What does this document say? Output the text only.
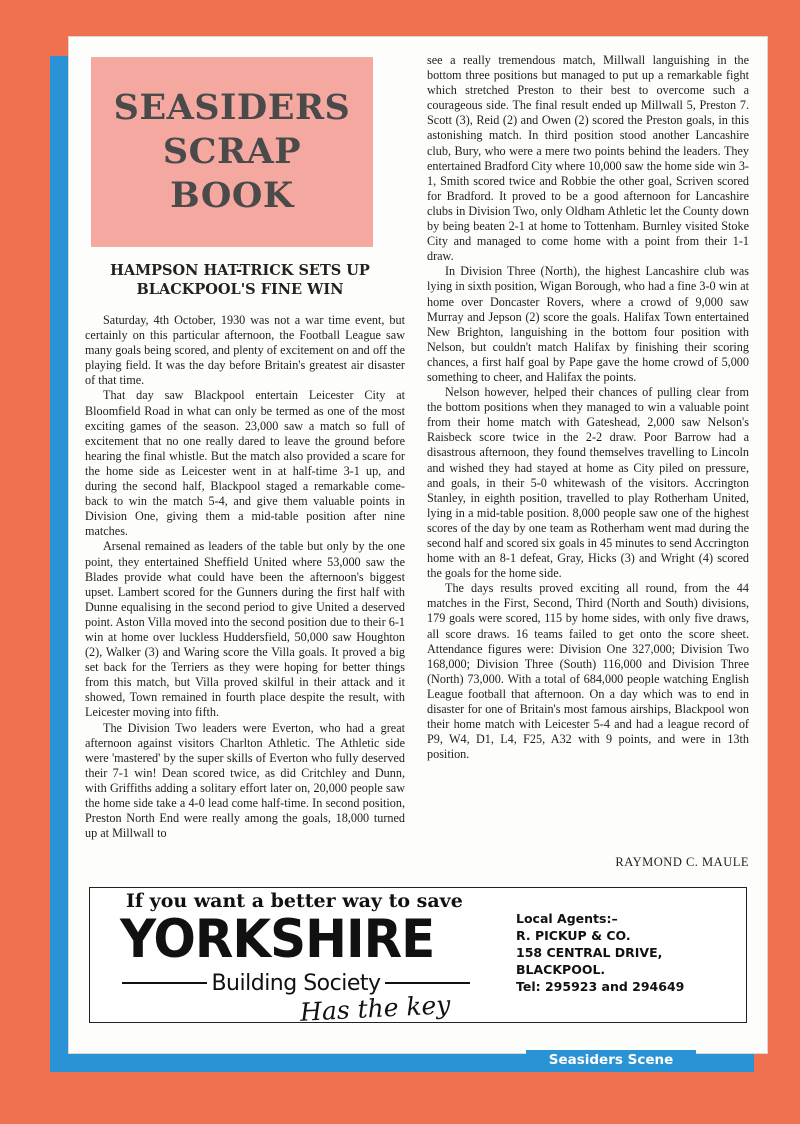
SEASIDERS
SCRAP
BOOK
HAMPSON HAT-TRICK SETS UP
BLACKPOOL'S FINE WIN

Saturday, 4th October, 1930 was not a war time event, but certainly on this particular afternoon, the Football League saw many goals being scored, and plenty of excitement on and off the playing field. It was the day before Britain's greatest air disaster of that time.

That day saw Blackpool entertain Leicester City at Bloomfield Road in what can only be termed as one of the most exciting games of the season. 23,000 saw a match so full of excitement that no one really dared to leave the ground before hearing the final whistle. But the match also provided a scare for the home side as Leicester went in at half-time 3-1 up, and during the second half, Blackpool staged a remarkable come-back to win the match 5-4, and give them valuable points in Division One, giving them a mid-table position after nine matches.

Arsenal remained as leaders of the table but only by the one point, they entertained Sheffield United where 53,000 saw the Blades provide what could have been the afternoon's biggest upset. Lambert scored for the Gunners during the first half with Dunne equalising in the second period to give United a deserved point. Aston Villa moved into the second position due to their 6-1 win at home over luckless Huddersfield, 50,000 saw Houghton (2), Walker (3) and Waring score the Villa goals. It proved a big set back for the Terriers as they were hoping for better things from this match, but Villa proved skilful in their attack and it showed, Town remained in fourth place despite the result, with Leicester moving into fifth.

The Division Two leaders were Everton, who had a great afternoon against visitors Charlton Athletic. The Athletic side were 'mastered' by the super skills of Everton who fully deserved their 7-1 win! Dean scored twice, as did Critchley and Dunn, with Griffiths adding a solitary effort later on, 20,000 people saw the home side take a 4-0 lead come half-time. In second position, Preston North End were really among the goals, 18,000 turned up at Millwall to

see a really tremendous match, Millwall languishing in the bottom three positions but managed to put up a remarkable fight which stretched Preston to their best to overcome such a courageous side. The final result ended up Millwall 5, Preston 7. Scott (3), Reid (2) and Owen (2) scored the Preston goals, in this astonishing match. In third position stood another Lancashire club, Bury, who were a mere two points behind the leaders. They entertained Bradford City where 10,000 saw the home side win 3-1, Smith scored twice and Robbie the other goal, Scriven scored for Bradford. It proved to be a good afternoon for Lancashire clubs in Division Two, only Oldham Athletic let the County down by being beaten 2-1 at home to Tottenham. Burnley visited Stoke City and managed to come home with a point from their 1-1 draw.

In Division Three (North), the highest Lancashire club was lying in sixth position, Wigan Borough, who had a fine 3-0 win at home over Doncaster Rovers, where a crowd of 9,000 saw Murray and Jepson (2) score the goals. Halifax Town entertained New Brighton, languishing in the bottom four position with Nelson, but couldn't match Halifax by finishing their scoring chances, a first half goal by Pape gave the home crowd of 5,000 something to cheer, and Halifax the points.

Nelson however, helped their chances of pulling clear from the bottom positions when they managed to win a valuable point from their home match with Gateshead, 2,000 saw Nelson's Raisbeck score twice in the 2-2 draw. Poor Barrow had a disastrous afternoon, they found themselves travelling to Lincoln and wished they had stayed at home as City piled on pressure, and goals, in their 5-0 whitewash of the visitors. Accrington Stanley, in eighth position, travelled to play Rotherham United, lying in a mid-table position. 8,000 people saw one of the highest scores of the day by one team as Rotherham went mad during the second half and scored six goals in 45 minutes to send Accrington home with an 8-1 defeat, Gray, Hicks (3) and Wright (4) scored the goals for the home side.

The days results proved exciting all round, from the 44 matches in the First, Second, Third (North and South) divisions, 179 goals were scored, 115 by home sides, with only five draws, all score draws. 16 teams failed to get onto the score sheet. Attendance figures were: Division One 327,000; Division Two 168,000; Division Three (South) 116,000 and Division Three (North) 73,000. With a total of 684,000 people watching English League football that afternoon. On a day which was to end in disaster for one of Britain's most famous airships, Blackpool won their home match with Leicester 5-4 and had a league record of P9, W4, D1, L4, F25, A32 with 9 points, and were in 13th position.

RAYMOND C. MAULE
If you want a better way to save
YORKSHIRE
Building Society
Has the key
Local Agents:–
R. PICKUP & CO.
158 CENTRAL DRIVE,
BLACKPOOL.
Tel: 295923 and 294649
Seasiders Scene
